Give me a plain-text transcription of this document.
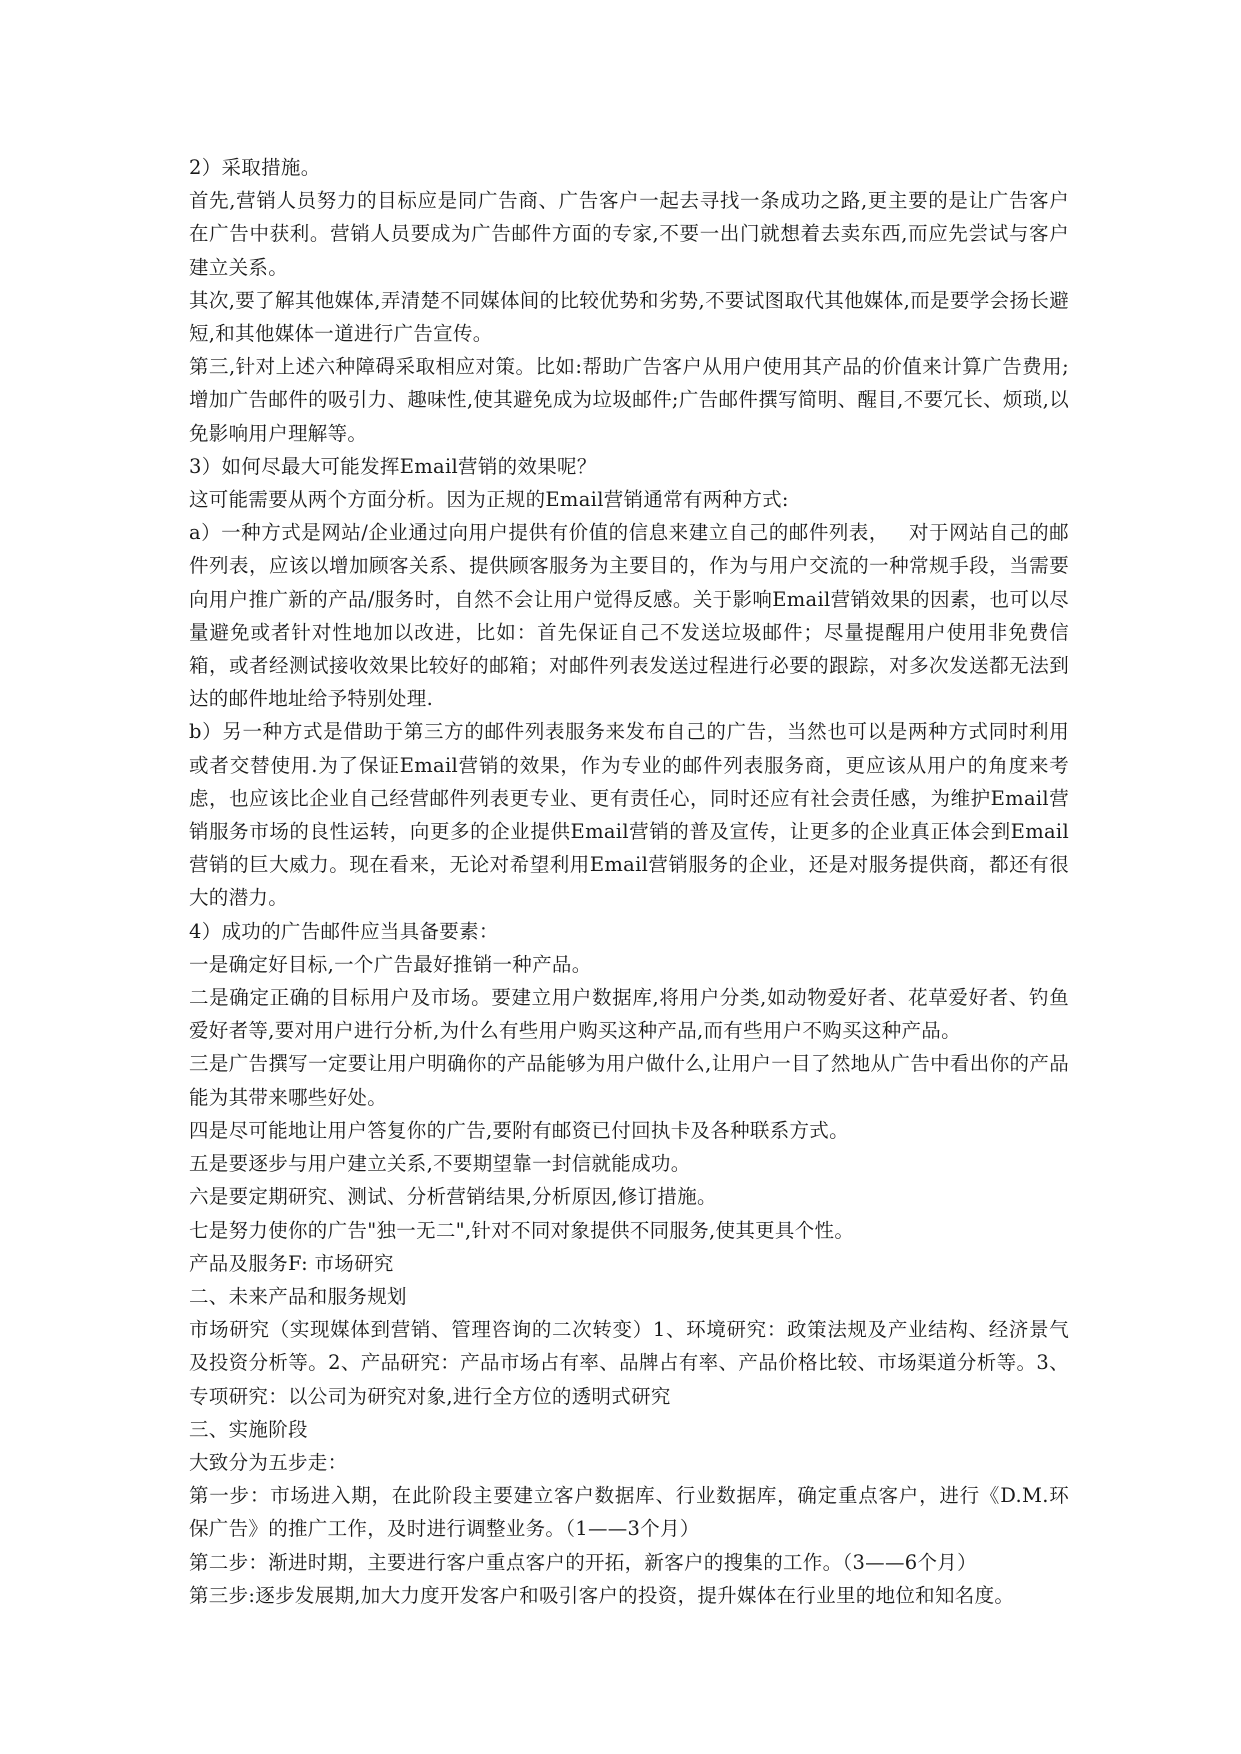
2）采取措施。

首先,营销人员努力的目标应是同广告商、广告客户一起去寻找一条成功之路,更主要的是让广告客户在广告中获利。营销人员要成为广告邮件方面的专家,不要一出门就想着去卖东西,而应先尝试与客户建立关系。

其次,要了解其他媒体,弄清楚不同媒体间的比较优势和劣势,不要试图取代其他媒体,而是要学会扬长避短,和其他媒体一道进行广告宣传。

第三,针对上述六种障碍采取相应对策。比如:帮助广告客户从用户使用其产品的价值来计算广告费用;增加广告邮件的吸引力、趣味性,使其避免成为垃圾邮件;广告邮件撰写简明、醒目,不要冗长、烦琐,以免影响用户理解等。

3）如何尽最大可能发挥Email营销的效果呢？

这可能需要从两个方面分析。因为正规的Email营销通常有两种方式:

a）一种方式是网站/企业通过向用户提供有价值的信息来建立自己的邮件列表，   对于网站自己的邮件列表，应该以增加顾客关系、提供顾客服务为主要目的，作为与用户交流的一种常规手段，当需要向用户推广新的产品/服务时，自然不会让用户觉得反感。关于影响Email营销效果的因素，也可以尽量避免或者针对性地加以改进，比如：首先保证自己不发送垃圾邮件；尽量提醒用户使用非免费信箱，或者经测试接收效果比较好的邮箱；对邮件列表发送过程进行必要的跟踪，对多次发送都无法到达的邮件地址给予特别处理.

b）另一种方式是借助于第三方的邮件列表服务来发布自己的广告，当然也可以是两种方式同时利用或者交替使用.为了保证Email营销的效果，作为专业的邮件列表服务商，更应该从用户的角度来考虑，也应该比企业自己经营邮件列表更专业、更有责任心，同时还应有社会责任感，为维护Email营销服务市场的良性运转，向更多的企业提供Email营销的普及宣传，让更多的企业真正体会到Email营销的巨大威力。现在看来，无论对希望利用Email营销服务的企业，还是对服务提供商，都还有很大的潜力。

4）成功的广告邮件应当具备要素：

一是确定好目标,一个广告最好推销一种产品。

二是确定正确的目标用户及市场。要建立用户数据库,将用户分类,如动物爱好者、花草爱好者、钓鱼爱好者等,要对用户进行分析,为什么有些用户购买这种产品,而有些用户不购买这种产品。

三是广告撰写一定要让用户明确你的产品能够为用户做什么,让用户一目了然地从广告中看出你的产品能为其带来哪些好处。

四是尽可能地让用户答复你的广告,要附有邮资已付回执卡及各种联系方式。

五是要逐步与用户建立关系,不要期望靠一封信就能成功。

六是要定期研究、测试、分析营销结果,分析原因,修订措施。

七是努力使你的广告"独一无二",针对不同对象提供不同服务,使其更具个性。

产品及服务F: 市场研究

二、未来产品和服务规划

市场研究（实现媒体到营销、管理咨询的二次转变）1、环境研究：政策法规及产业结构、经济景气及投资分析等。2、产品研究：产品市场占有率、品牌占有率、产品价格比较、市场渠道分析等。3、专项研究：以公司为研究对象,进行全方位的透明式研究

三、实施阶段

大致分为五步走：

第一步：市场进入期，在此阶段主要建立客户数据库、行业数据库，确定重点客户，进行《D.M.环保广告》的推广工作，及时进行调整业务。（1——3个月）

第二步：渐进时期，主要进行客户重点客户的开拓，新客户的搜集的工作。（3——6个月）

第三步:逐步发展期,加大力度开发客户和吸引客户的投资，提升媒体在行业里的地位和知名度。
